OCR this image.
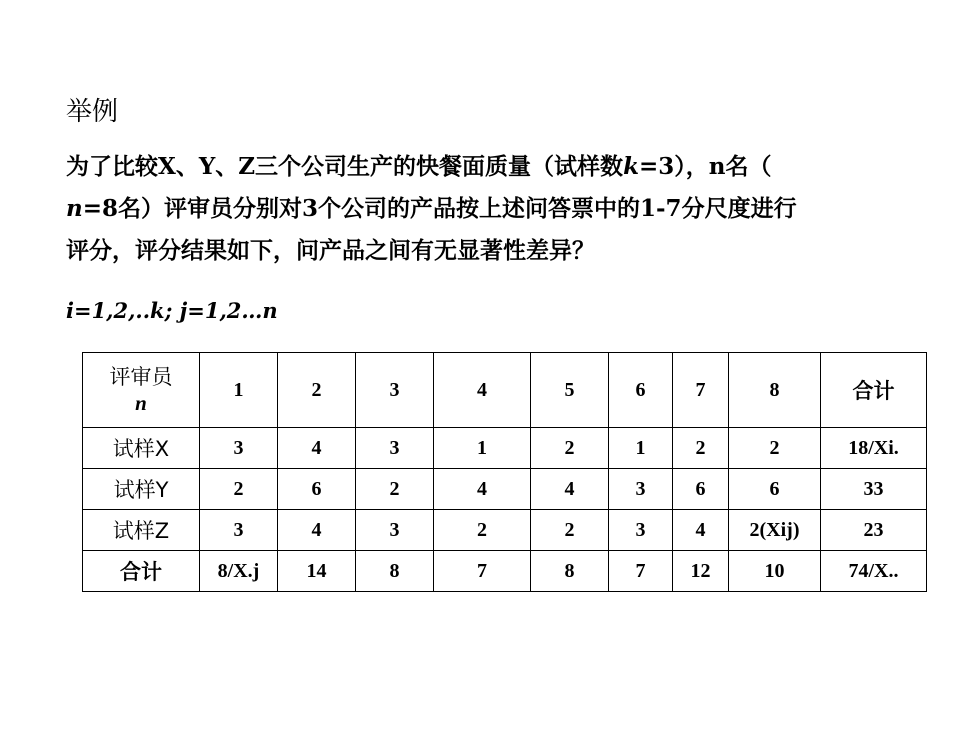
举例
为了比较X、Y、Z三个公司生产的快餐面质量（试样数k=3），n名（
n=8名）评审员分别对3个公司的产品按上述问答票中的1-7分尺度进行
评分，评分结果如下，问产品之间有无显著性差异？
i=1,2,..k; j=1,2…n
评审员
n	1	2	3	4	5	6	7	8	合计
试样X	3	4	3	1	2	1	2	2	18/Xi.
试样Y	2	6	2	4	4	3	6	6	33
试样Z	3	4	3	2	2	3	4	2(Xij)	23
合计	8/X.j	14	8	7	8	7	12	10	74/X..
